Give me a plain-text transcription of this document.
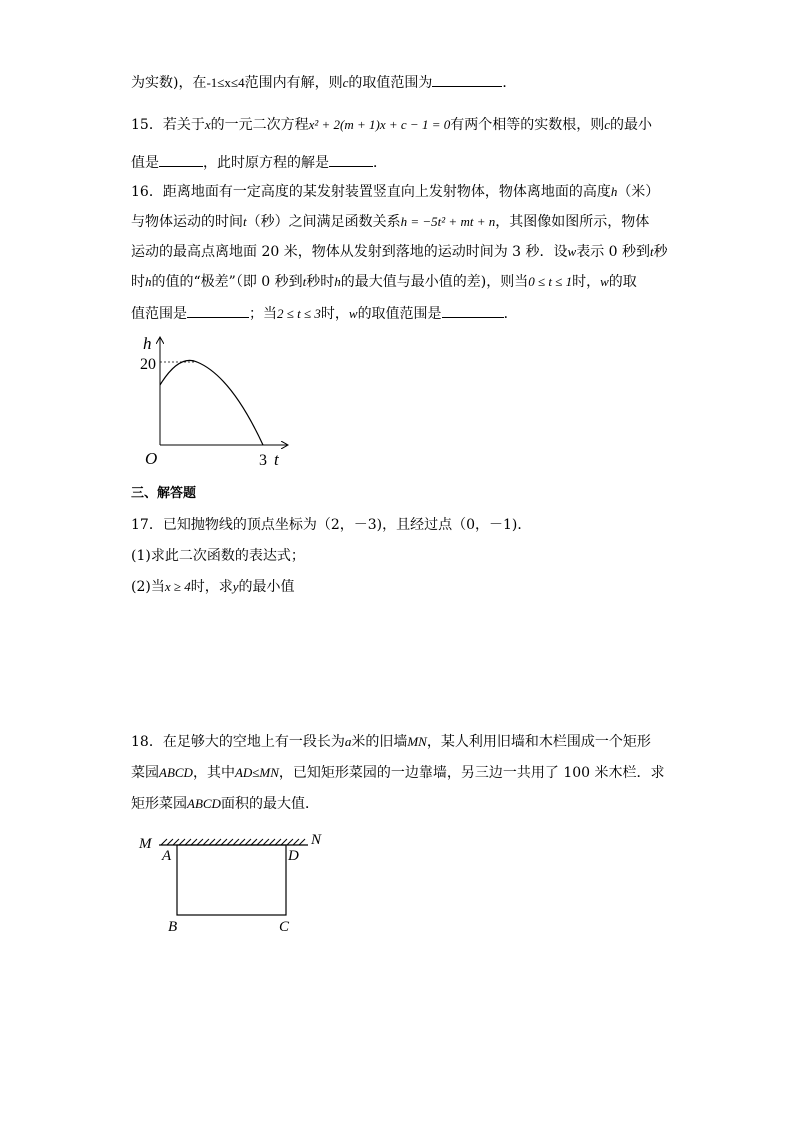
为实数)，在-1≤x≤4范围内有解，则c的取值范围为	．
15．若关于x的一元二次方程x² + 2(m + 1)x + c − 1 = 0有两个相等的实数根，则c的最小
值是	，此时原方程的解是	．
16．距离地面有一定高度的某发射装置竖直向上发射物体，物体离地面的高度h（米）
与物体运动的时间t（秒）之间满足函数关系h = −5t² + mt + n，其图像如图所示，物体
运动的最高点离地面 20 米，物体从发射到落地的运动时间为 3 秒．设w表示 0 秒到t秒
时h的值的“极差”（即 0 秒到t秒时h的最大值与最小值的差)，则当0 ≤ t ≤ 1时，w的取
值范围是	；当2 ≤ t ≤ 3时，w的取值范围是	．
h
t
O
20
3
三、解答题
17．已知抛物线的顶点坐标为（2，－3)，且经过点（0，－1)．
(1)求此二次函数的表达式；
(2)当x ≥ 4时，求y的最小值
18．在足够大的空地上有一段长为a米的旧墙MN，某人利用旧墙和木栏围成一个矩形
菜园ABCD，其中AD≤MN，已知矩形菜园的一边靠墙，另三边一共用了 100 米木栏．求
矩形菜园ABCD面积的最大值．
M	N
A	D
B	C
